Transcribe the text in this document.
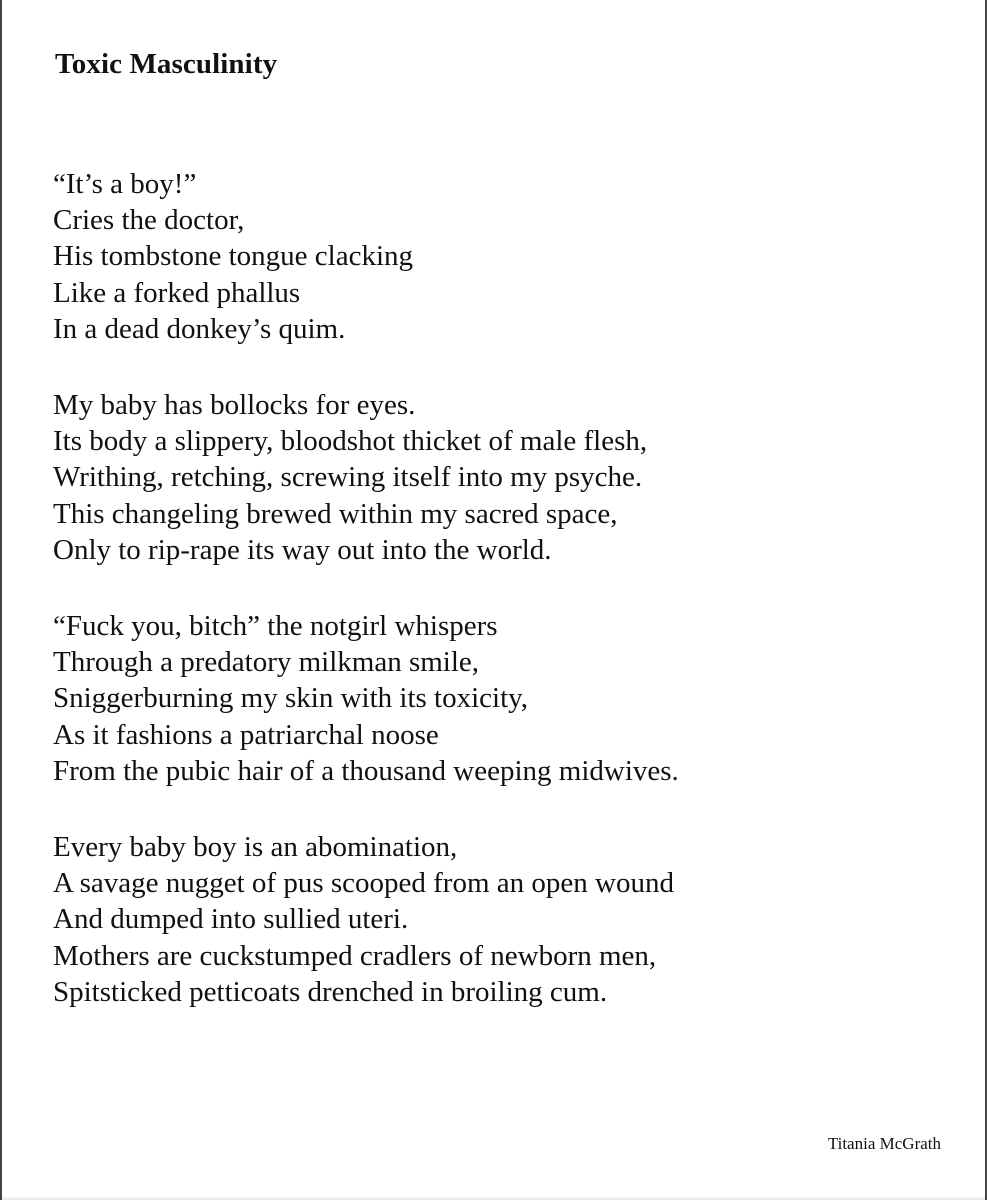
Toxic Masculinity
“It’s a boy!”
Cries the doctor,
His tombstone tongue clacking
Like a forked phallus
In a dead donkey’s quim.
My baby has bollocks for eyes.
Its body a slippery, bloodshot thicket of male flesh,
Writhing, retching, screwing itself into my psyche.
This changeling brewed within my sacred space,
Only to rip-rape its way out into the world.
“Fuck you, bitch” the notgirl whispers
Through a predatory milkman smile,
Sniggerburning my skin with its toxicity,
As it fashions a patriarchal noose
From the pubic hair of a thousand weeping midwives.
Every baby boy is an abomination,
A savage nugget of pus scooped from an open wound
And dumped into sullied uteri.
Mothers are cuckstumped cradlers of newborn men,
Spitsticked petticoats drenched in broiling cum.
Titania McGrath
